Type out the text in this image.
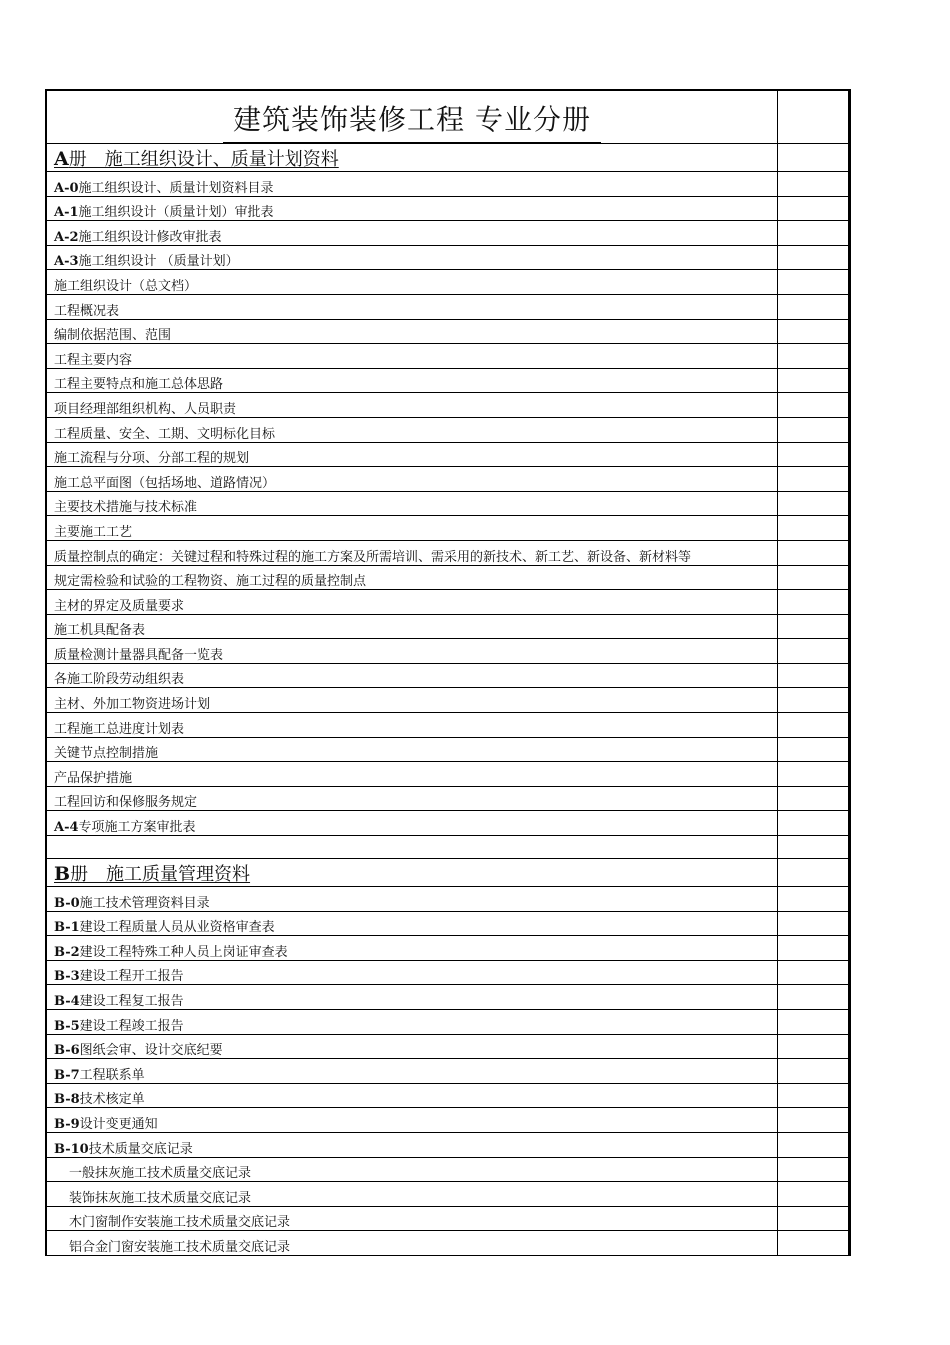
建筑装饰装修工程 专业分册	
A册　施工组织设计、质量计划资料	
A-0施工组织设计、质量计划资料目录	
A-1施工组织设计（质量计划）审批表	
A-2施工组织设计修改审批表	
A-3施工组织设计 （质量计划）	
施工组织设计（总文档）	
工程概况表	
编制依据范围、范围	
工程主要内容	
工程主要特点和施工总体思路	
项目经理部组织机构、人员职责	
工程质量、安全、工期、文明标化目标	
施工流程与分项、分部工程的规划	
施工总平面图（包括场地、道路情况）	
主要技术措施与技术标准	
主要施工工艺	
质量控制点的确定：关键过程和特殊过程的施工方案及所需培训、需采用的新技术、新工艺、新设备、新材料等	
规定需检验和试验的工程物资、施工过程的质量控制点	
主材的界定及质量要求	
施工机具配备表	
质量检测计量器具配备一览表	
各施工阶段劳动组织表	
主材、外加工物资进场计划	
工程施工总进度计划表	
关键节点控制措施	
产品保护措施	
工程回访和保修服务规定	
A-4专项施工方案审批表	

B册　施工质量管理资料	
B-0施工技术管理资料目录	
B-1建设工程质量人员从业资格审查表	
B-2建设工程特殊工种人员上岗证审查表	
B-3建设工程开工报告	
B-4建设工程复工报告	
B-5建设工程竣工报告	
B-6图纸会审、设计交底纪要	
B-7工程联系单	
B-8技术核定单	
B-9设计变更通知	
B-10技术质量交底记录	
一般抹灰施工技术质量交底记录	
装饰抹灰施工技术质量交底记录	
木门窗制作安装施工技术质量交底记录	
铝合金门窗安装施工技术质量交底记录	
